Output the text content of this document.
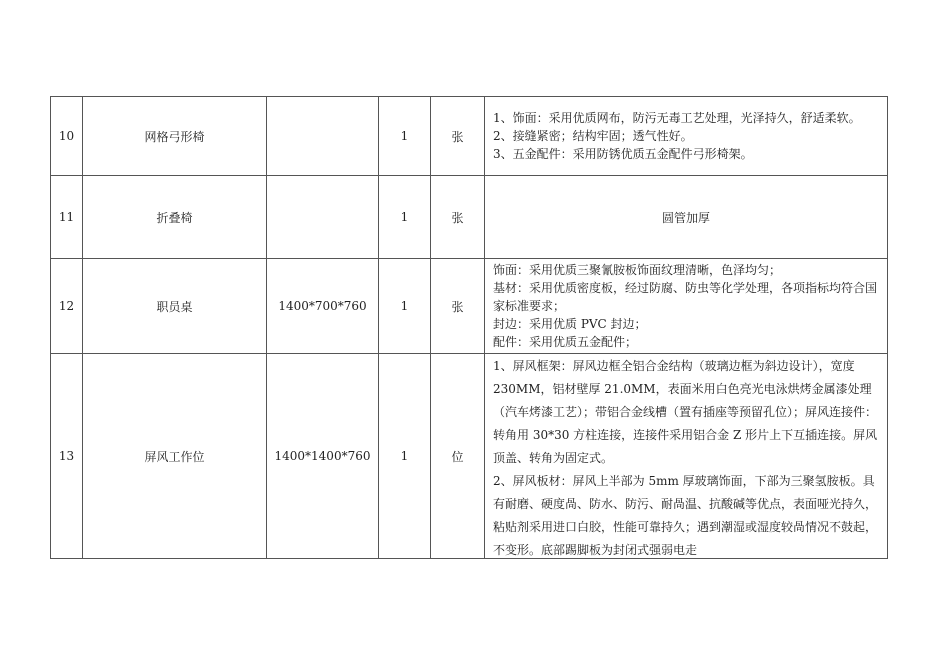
10	网格弓形椅		1	张	1、饰面：采用优质网布，防污无毒工艺处理，光泽持久，舒适柔软。

2、接缝紧密；结构牢固；透气性好。

3、五金配件：采用防锈优质五金配件弓形椅架。

11	折叠椅		1	张	圆管加厚
12	职员桌	1400*700*760	1	张	饰面：采用优质三聚氰胺板饰面纹理清晰，色泽均匀；

基材：采用优质密度板，经过防腐、防虫等化学处理，各项指标均符合国家标准要求；

封边：采用优质 PVC 封边；

配件：采用优质五金配件；

13	屏风工作位	1400*1400*760	1	位	1、屏风框架：屏风边框全铝合金结构（玻璃边框为斜边设计），宽度 230MM，铝材壁厚 21.0MM，表面米用白色亮光电泳烘烤金属漆处理（汽车烤漆工艺）；带铝合金线槽（置有插座等预留孔位）；屏风连接件：转角用 30*30 方柱连接，连接件采用铝合金 Z 形片上下互插连接。屏风顶盖、转角为固定式。

2、屏风板材：屏风上半部为 5mm 厚玻璃饰面，下部为三聚氢胺板。具有耐磨、硬度咼、防水、防污、耐咼温、抗酸碱等优点，表面哑光持久，粘贴剂采用进口白胶，性能可靠持久；遇到潮湿或湿度较咼情况不鼓起，不变形。底部踢脚板为封闭式强弱电走
